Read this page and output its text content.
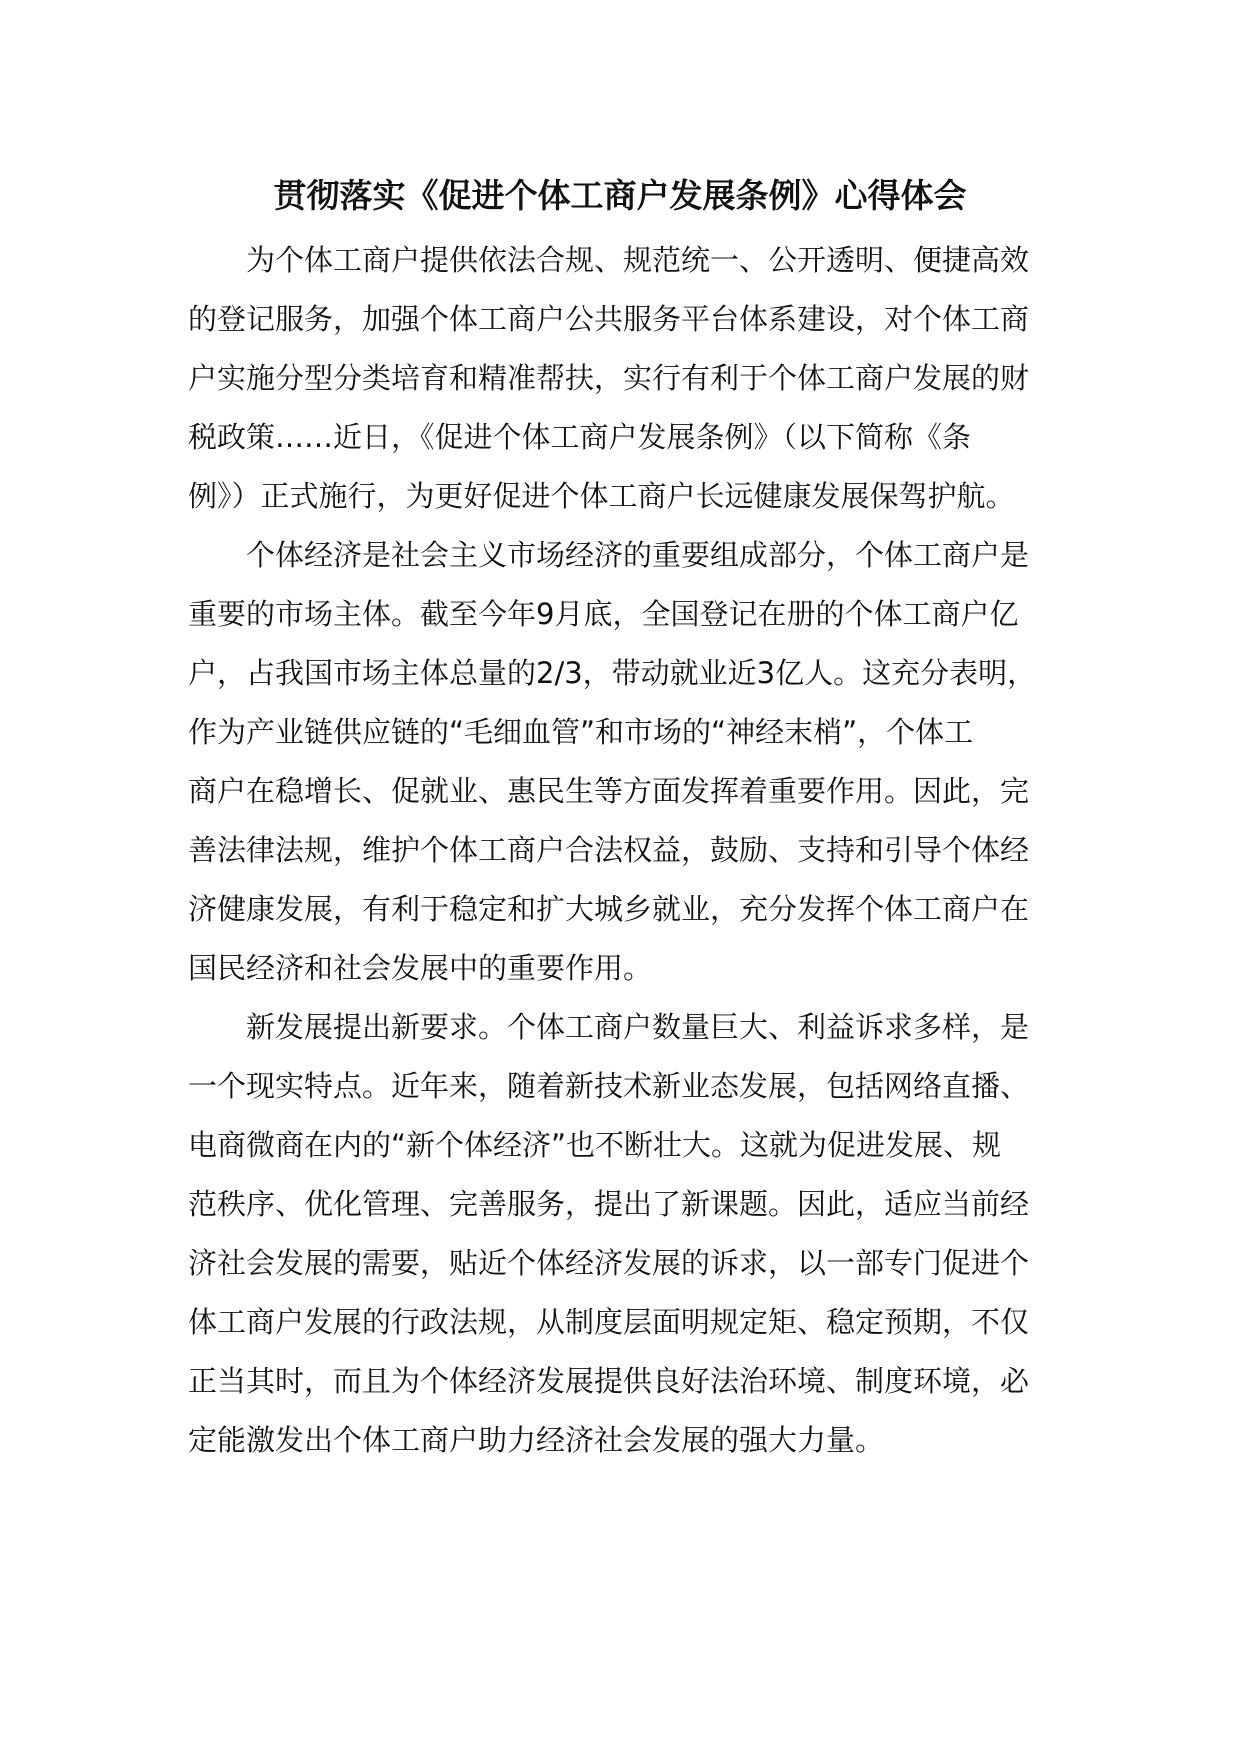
贯彻落实《促进个体工商户发展条例》心得体会
为个体工商户提供依法合规、规范统一、公开透明、便捷高效
的登记服务，加强个体工商户公共服务平台体系建设，对个体工商
户实施分型分类培育和精准帮扶，实行有利于个体工商户发展的财
税政策……近日，《促进个体工商户发展条例》（以下简称《条
例》）正式施行，为更好促进个体工商户长远健康发展保驾护航。
个体经济是社会主义市场经济的重要组成部分，个体工商户是
重要的市场主体。截至今年9月底，全国登记在册的个体工商户亿
户，占我国市场主体总量的2/3，带动就业近3亿人。这充分表明，
作为产业链供应链的“毛细血管”和市场的“神经末梢”，个体工
商户在稳增长、促就业、惠民生等方面发挥着重要作用。因此，完
善法律法规，维护个体工商户合法权益，鼓励、支持和引导个体经
济健康发展，有利于稳定和扩大城乡就业，充分发挥个体工商户在
国民经济和社会发展中的重要作用。
新发展提出新要求。个体工商户数量巨大、利益诉求多样，是
一个现实特点。近年来，随着新技术新业态发展，包括网络直播、
电商微商在内的“新个体经济”也不断壮大。这就为促进发展、规
范秩序、优化管理、完善服务，提出了新课题。因此，适应当前经
济社会发展的需要，贴近个体经济发展的诉求，以一部专门促进个
体工商户发展的行政法规，从制度层面明规定矩、稳定预期，不仅
正当其时，而且为个体经济发展提供良好法治环境、制度环境，必
定能激发出个体工商户助力经济社会发展的强大力量。
